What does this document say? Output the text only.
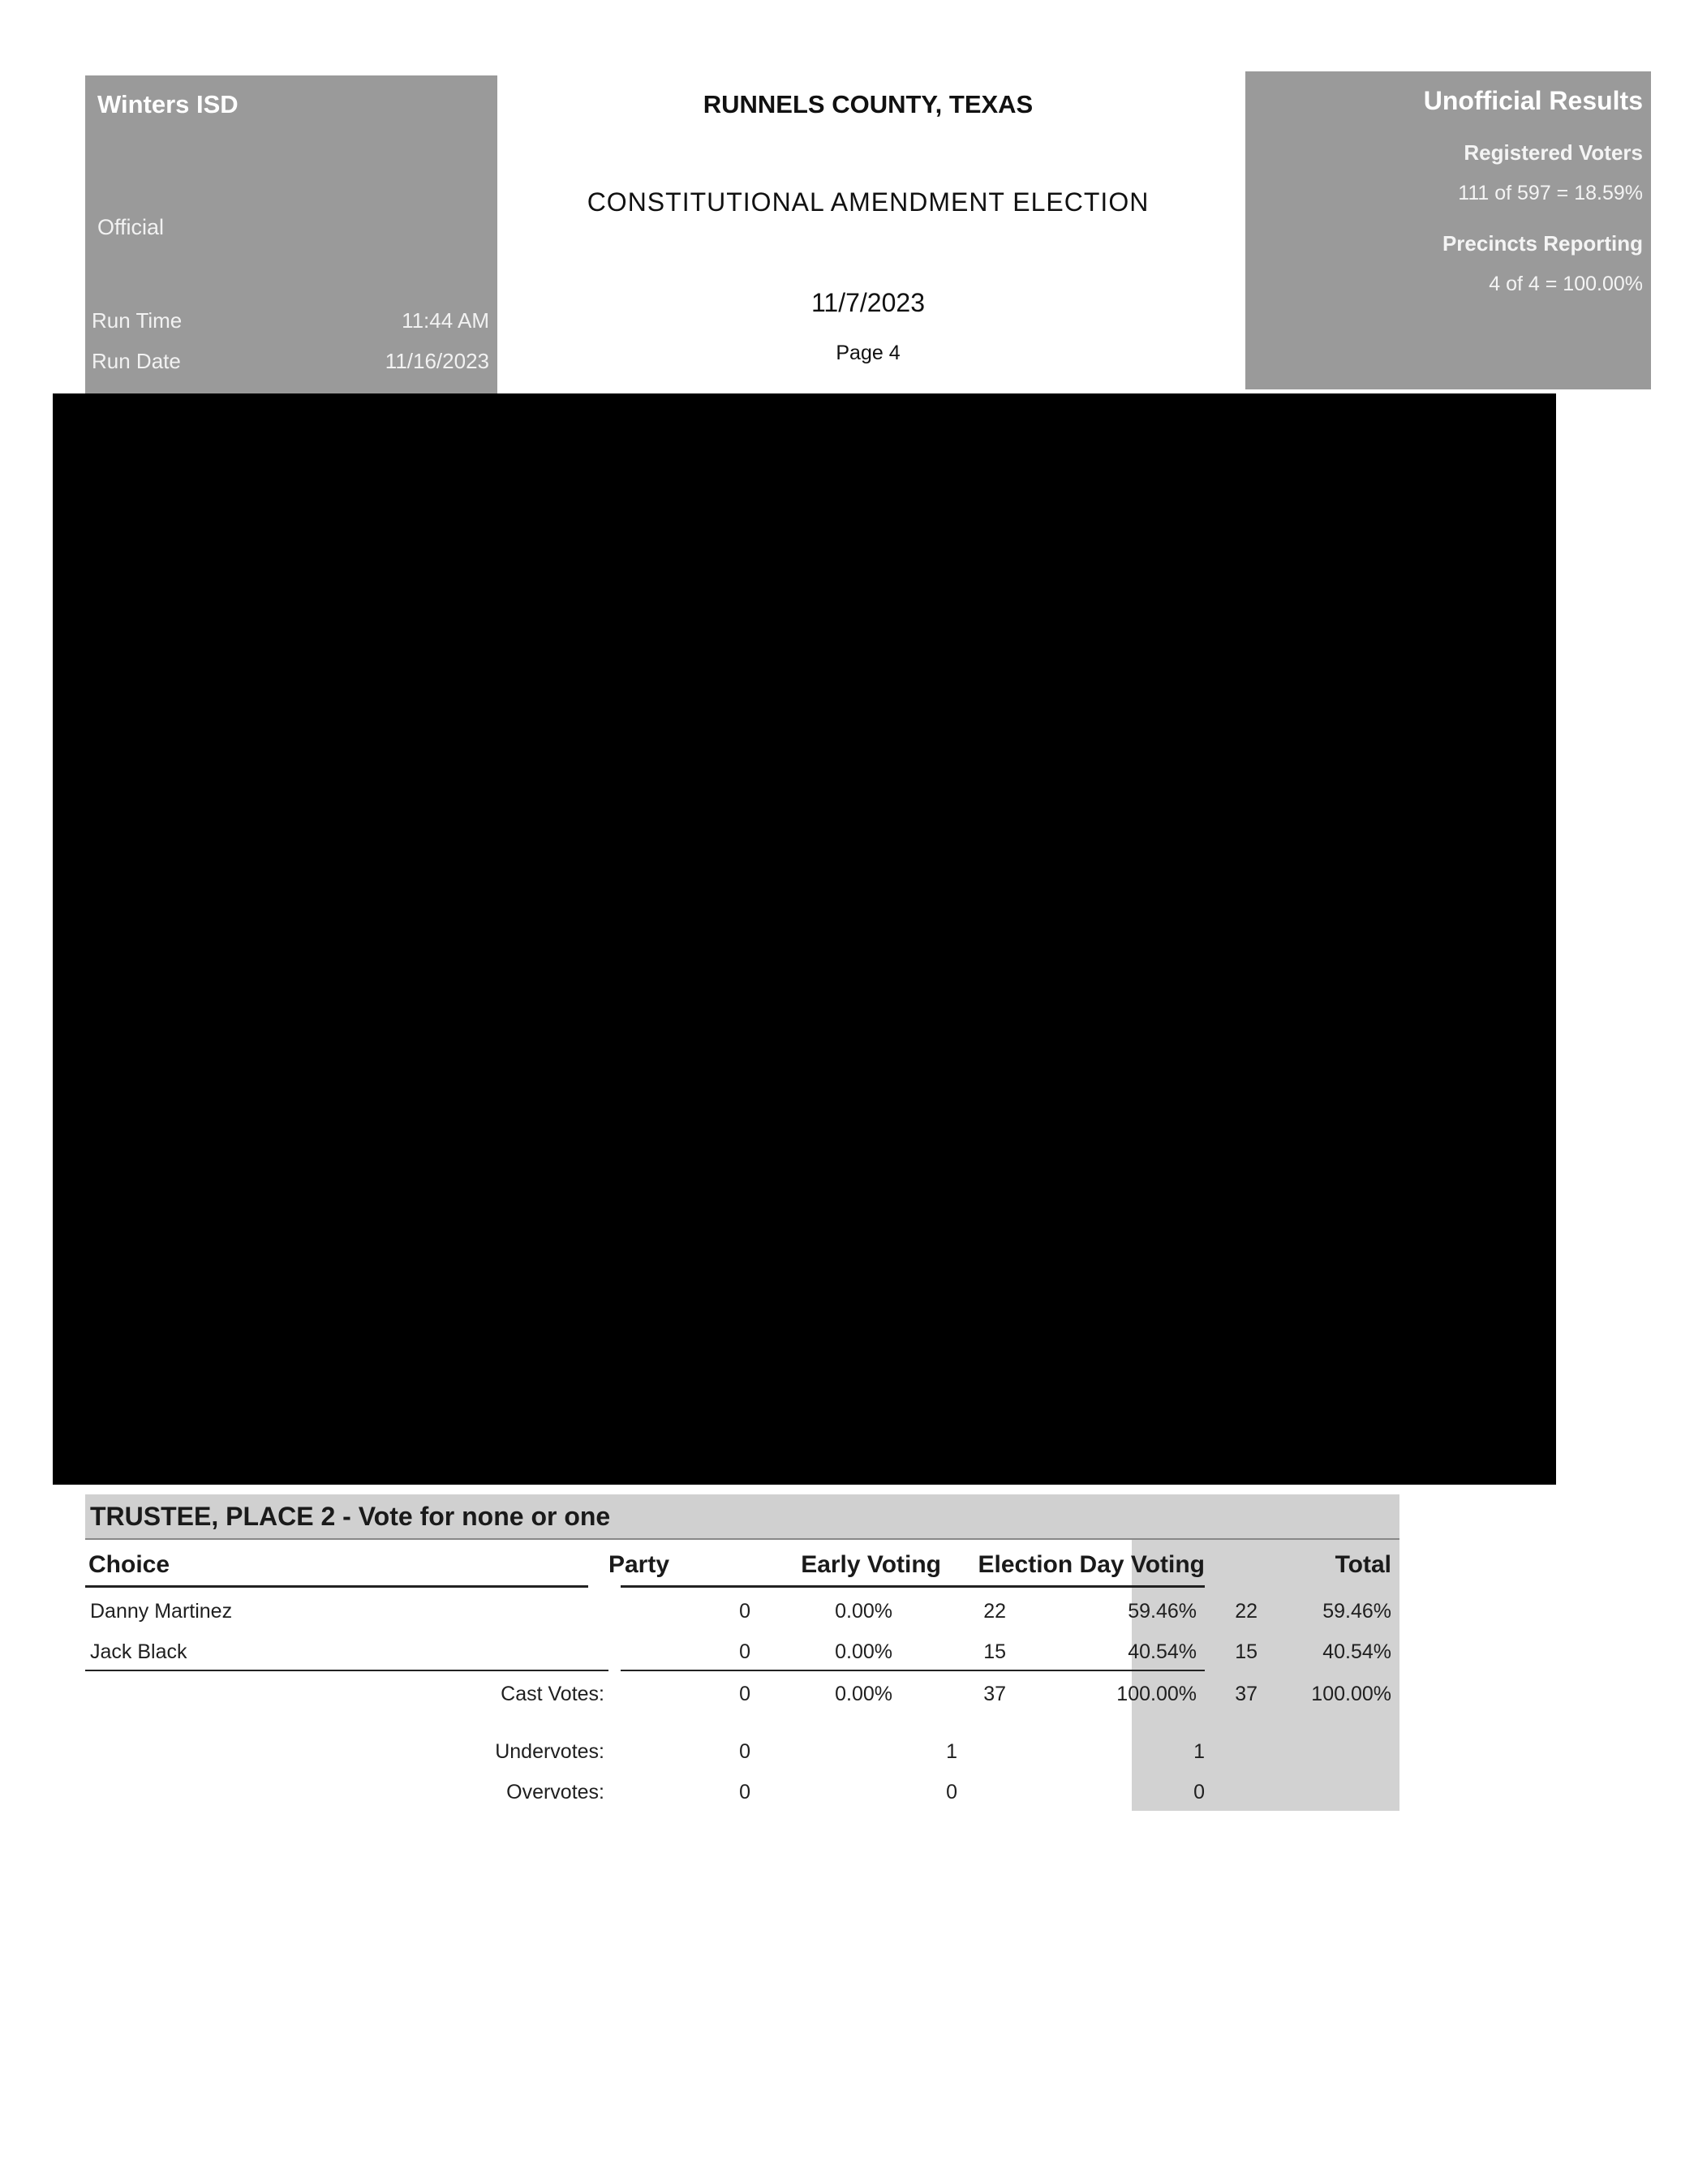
Winters ISD
Official
Run Time	11:44 AM
Run Date	11/16/2023
RUNNELS COUNTY, TEXAS
CONSTITUTIONAL AMENDMENT ELECTION
11/7/2023
Page 4
Unofficial Results
Registered Voters
111 of 597 = 18.59%
Precincts Reporting
4 of 4 = 100.00%
TRUSTEE, PLACE 2 - Vote for none or one
Choice	Party	Early Voting	Election Day Voting	Total
Danny Martinez	0	0.00%	22	59.46%	22	59.46%
Jack Black	0	0.00%	15	40.54%	15	40.54%
Cast Votes:	0	0.00%	37	100.00%	37	100.00%
Undervotes:	0	1	1
Overvotes:	0	0	0
